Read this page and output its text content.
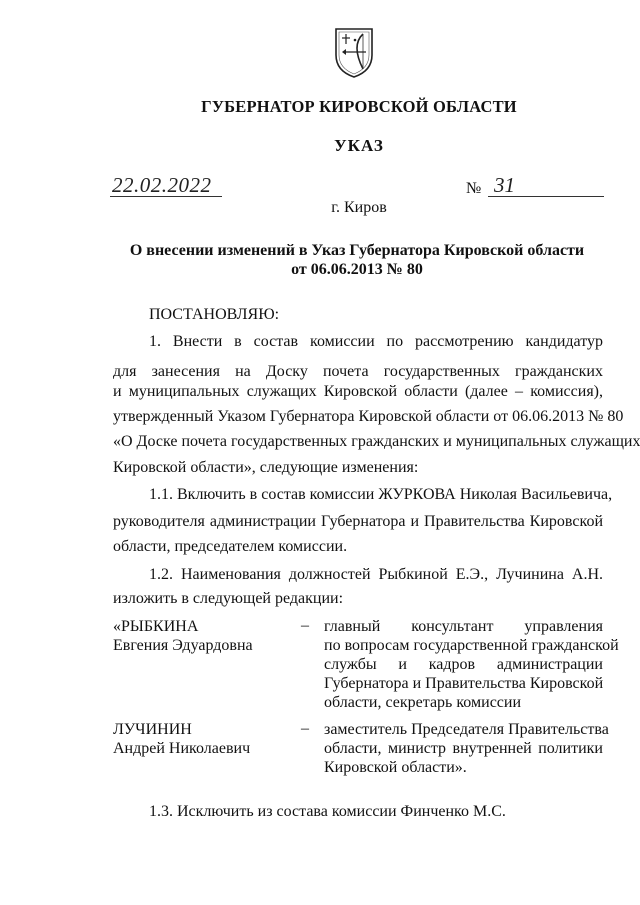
ГУБЕРНАТОР КИРОВСКОЙ ОБЛАСТИ
УКАЗ
22.02.2022	№ 31
г. Киров
О внесении изменений в Указ Губернатора Кировской области
от 06.06.2013 № 80
ПОСТАНОВЛЯЮ:
1. Внести в состав комиссии по рассмотрению кандидатур
для занесения на Доску почета государственных гражданских
и муниципальных служащих Кировской области (далее – комиссия),
утвержденный Указом Губернатора Кировской области от 06.06.2013 № 80
«О Доске почета государственных гражданских и муниципальных служащих
Кировской области», следующие изменения:
1.1. Включить в состав комиссии ЖУРКОВА Николая Васильевича,
руководителя администрации Губернатора и Правительства Кировской
области, председателем комиссии.
1.2. Наименования должностей Рыбкиной Е.Э., Лучинина А.Н.
изложить в следующей редакции:
«РЫБКИНА
Евгения Эдуардовна
– главный консультант управления
по вопросам государственной гражданской
службы и кадров администрации
Губернатора и Правительства Кировской
области, секретарь комиссии
ЛУЧИНИН
Андрей Николаевич
– заместитель Председателя Правительства
области, министр внутренней политики
Кировской области».
1.3. Исключить из состава комиссии Финченко М.С.
